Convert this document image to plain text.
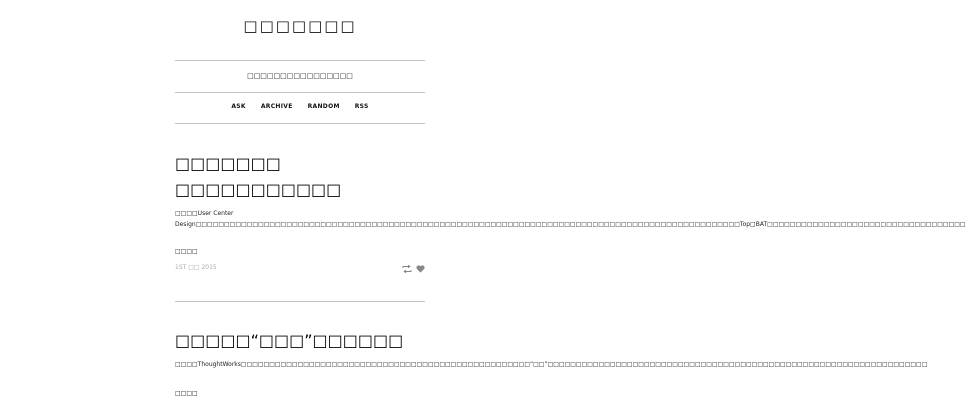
□□□□□□□
□□□□□□□□□□□□□□□□
ASK	ARCHIVE	RANDOM	RSS
□□□□□□□
□□□□□□□□□□□

□□□□User Center Design□□□□□□□□□□□□□□□□□□□□□□□□□□□□□□□□□□□□□□□□□□□□□□□□□□□□□□□□□□□□□□□□□□□□□□□□□□□□□□□□□□□□□□□□□□□□□□□□Top□BAT□□□□□□□□□□□□□□□□□□□□□□□□□□□□□□□□□□□

□□□□
1ST □□ 2015
□□□□□“□□□”□□□□□□

□□□□ThoughtWorks□□□□□□□□□□□□□□□□□□□□□□□□□□□□□□□□□□□□□□□□□□□□□□□□□□□“□□”□□□□□□□□□□□□□□□□□□□□□□□□□□□□□□□□□□□□□□□□□□□□□□□□□□□□□□□□□□□□□□□□□□□

□□□□
